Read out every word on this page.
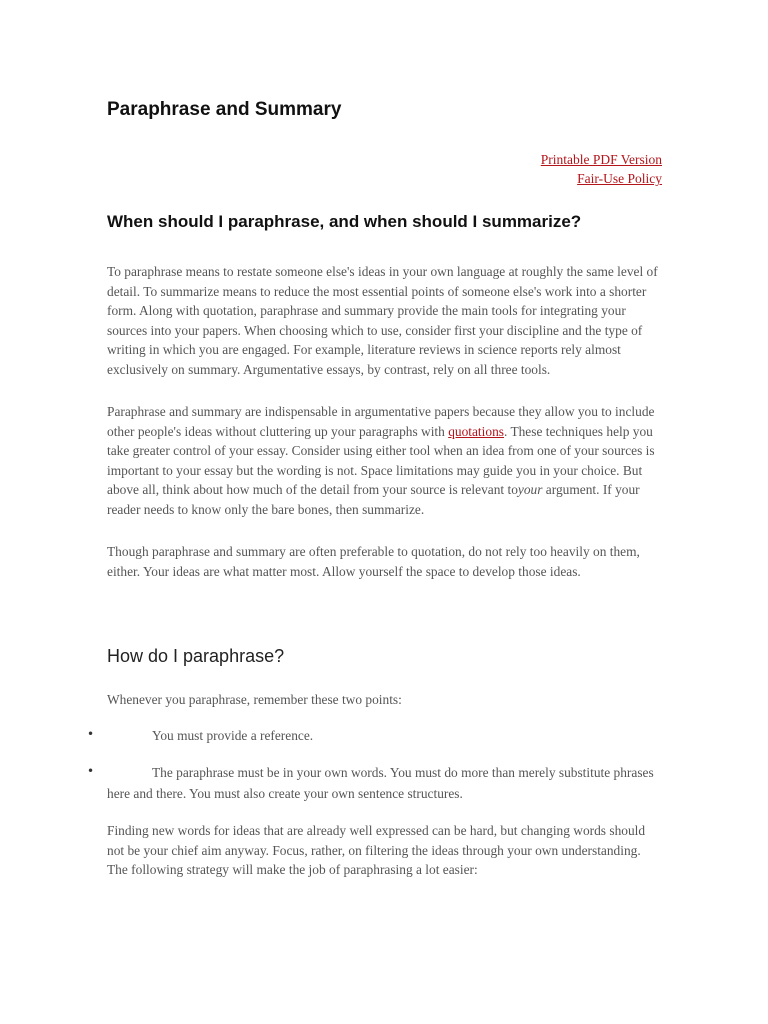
Paraphrase and Summary
Printable PDF Version
Fair-Use Policy
When should I paraphrase, and when should I summarize?

To paraphrase means to restate someone else's ideas in your own language at roughly the same level of detail. To summarize means to reduce the most essential points of someone else's work into a shorter form. Along with quotation, paraphrase and summary provide the main tools for integrating your sources into your papers. When choosing which to use, consider first your discipline and the type of writing in which you are engaged. For example, literature reviews in science reports rely almost exclusively on summary. Argumentative essays, by contrast, rely on all three tools.

Paraphrase and summary are indispensable in argumentative papers because they allow you to include other people's ideas without cluttering up your paragraphs with quotations. These techniques help you take greater control of your essay. Consider using either tool when an idea from one of your sources is important to your essay but the wording is not. Space limitations may guide you in your choice. But above all, think about how much of the detail from your source is relevant toyour argument. If your reader needs to know only the bare bones, then summarize.

Though paraphrase and summary are often preferable to quotation, do not rely too heavily on them, either. Your ideas are what matter most. Allow yourself the space to develop those ideas.

How do I paraphrase?

Whenever you paraphrase, remember these two points:

•	You must provide a reference.

•	The paraphrase must be in your own words. You must do more than merely substitute phrases here and there. You must also create your own sentence structures.

Finding new words for ideas that are already well expressed can be hard, but changing words should not be your chief aim anyway. Focus, rather, on filtering the ideas through your own understanding. The following strategy will make the job of paraphrasing a lot easier:
